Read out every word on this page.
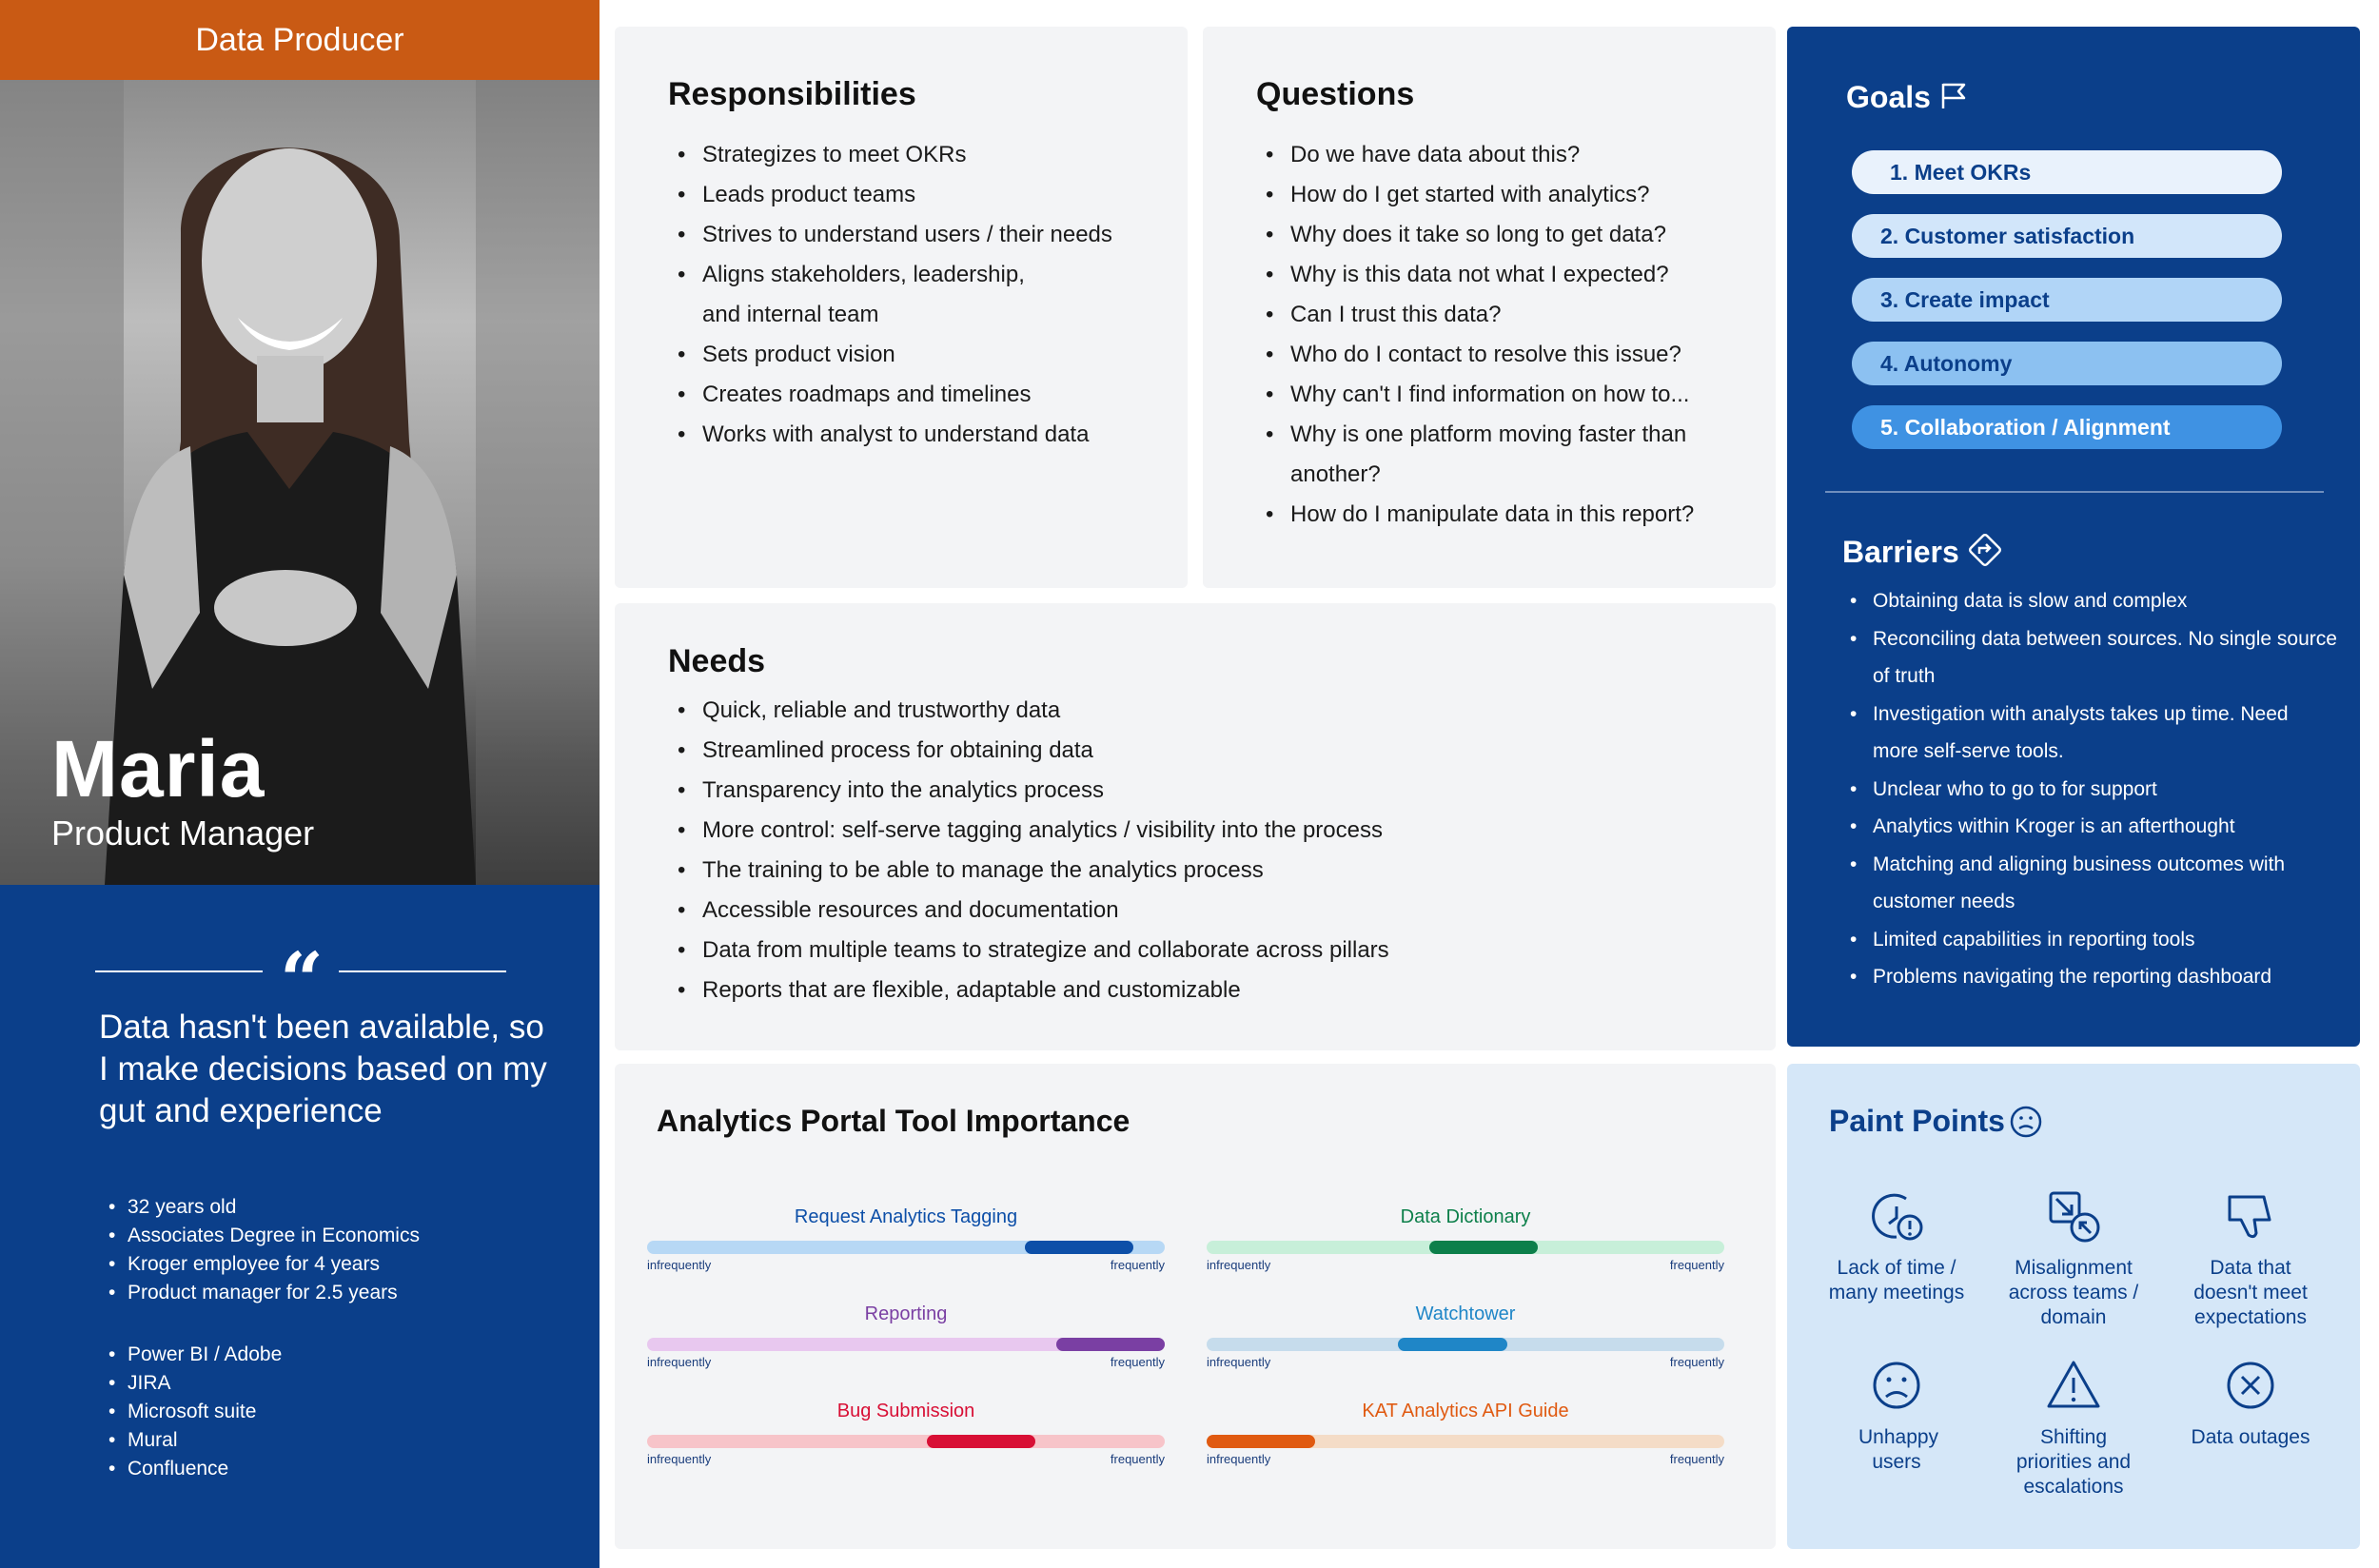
Data Producer
Maria
Product Manager
“
Data hasn't been available, so I make decisions based on my gut and experience
• 32 years old
• Associates Degree in Economics
• Kroger employee for 4 years
• Product manager for 2.5 years
• Power BI / Adobe
• JIRA
• Microsoft suite
• Mural
• Confluence
Responsibilities
• Strategizes to meet OKRs
• Leads product teams
• Strives to understand users / their needs
• Aligns stakeholders, leadership, and internal team
• Sets product vision
• Creates roadmaps and timelines
• Works with analyst to understand data
Questions
• Do we have data about this?
• How do I get started with analytics?
• Why does it take so long to get data?
• Why is this data not what I expected?
• Can I trust this data?
• Who do I contact to resolve this issue?
• Why can't I find information on how to...
• Why is one platform moving faster than another?
• How do I manipulate data in this report?
Needs
• Quick, reliable and trustworthy data
• Streamlined process for obtaining data
• Transparency into the analytics process
• More control: self-serve tagging analytics / visibility into the process
• The training to be able to manage the analytics process
• Accessible resources and documentation
• Data from multiple teams to strategize and collaborate across pillars
• Reports that are flexible, adaptable and customizable
Analytics Portal Tool Importance
Request Analytics Tagging
infrequently	frequently
Data Dictionary
infrequently	frequently
Reporting
infrequently	frequently
Watchtower
infrequently	frequently
Bug Submission
infrequently	frequently
KAT Analytics API Guide
infrequently	frequently
Goals
1. Meet OKRs
2. Customer satisfaction
3. Create impact
4. Autonomy
5. Collaboration / Alignment
Barriers
• Obtaining data is slow and complex
• Reconciling data between sources. No single source of truth
• Investigation with analysts takes up time. Need more self-serve tools.
• Unclear who to go to for support
• Analytics within Kroger is an afterthought
• Matching and aligning business outcomes with customer needs
• Limited capabilities in reporting tools
• Problems navigating the reporting dashboard
Paint Points
Lack of time / many meetings
Misalignment across teams / domain
Data that doesn't meet expectations
Unhappy users
Shifting priorities and escalations
Data outages
